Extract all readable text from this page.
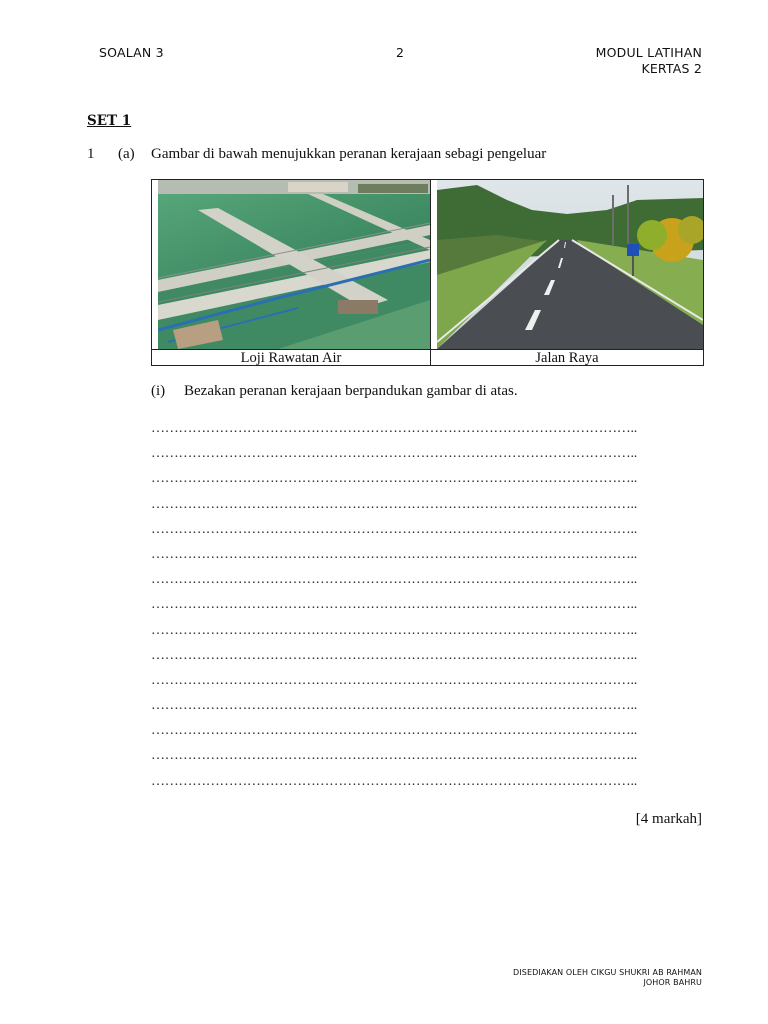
SOALAN 3	2	MODUL LATIHAN
KERTAS 2
SET 1
1 (a) Gambar di bawah menujukkan peranan kerajaan sebagi pengeluar
Loji Rawatan Air	Jalan Raya
(i) Bezakan peranan kerajaan berpandukan gambar di atas.
……………………………………………………………………………………………..
……………………………………………………………………………………………..
……………………………………………………………………………………………..
……………………………………………………………………………………………..
……………………………………………………………………………………………..
……………………………………………………………………………………………..
……………………………………………………………………………………………..
……………………………………………………………………………………………..
……………………………………………………………………………………………..
……………………………………………………………………………………………..
……………………………………………………………………………………………..
……………………………………………………………………………………………..
……………………………………………………………………………………………..
……………………………………………………………………………………………..
……………………………………………………………………………………………..
[4 markah]
DISEDIAKAN OLEH CIKGU SHUKRI AB RAHMAN
JOHOR BAHRU
